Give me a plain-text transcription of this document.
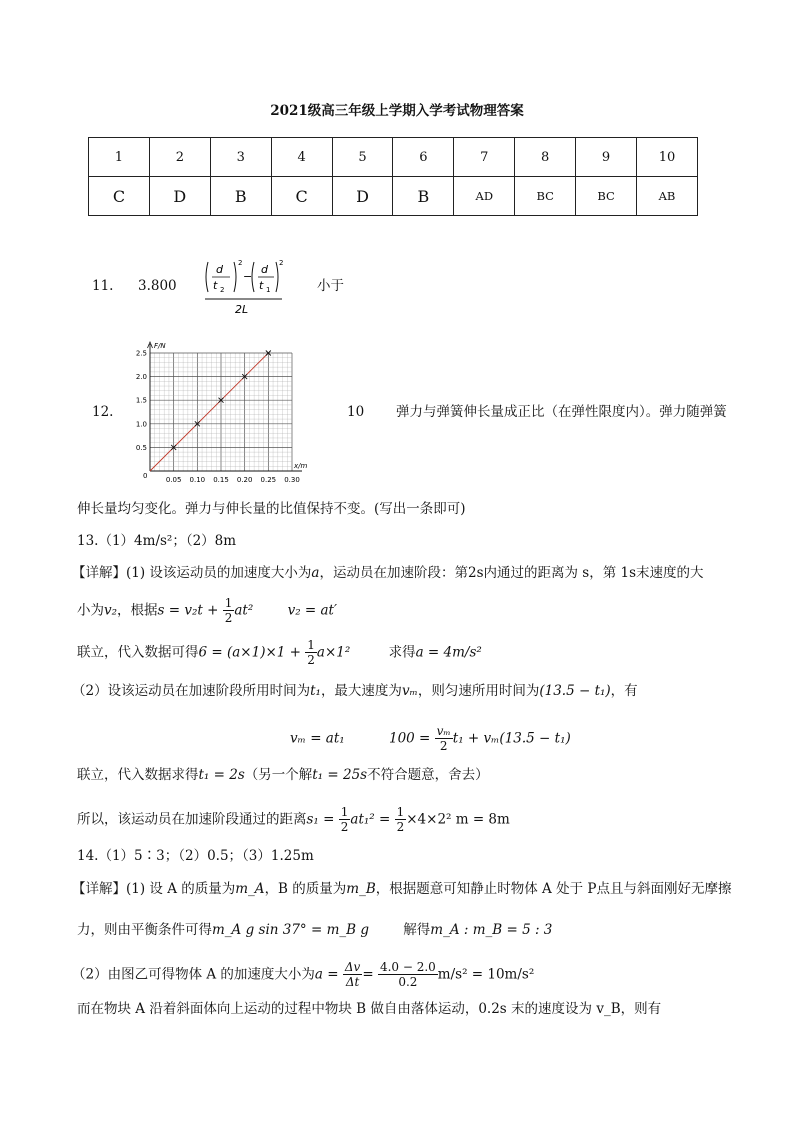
2021级高三年级上学期入学考试物理答案
1	2	3	4	5	6	7	8	9	10
C	D	B	C	D	B	AD	BC	BC	AB
11. 3.800
d
t 2
2
−
d
t 1
2
2L
小于
12.
F/N
x/m
0	0.05 0.10 0.15 0.20 0.25 0.30
0.5
1.0
1.5
2.0
2.5
10 弹力与弹簧伸长量成正比（在弹性限度内）。弹力随弹簧
伸长量均匀变化。弹力与伸长量的比值保持不变。(写出一条即可)
13.（1）4m/s²；（2）8m
【详解】(1) 设该运动员的加速度大小为a，运动员在加速阶段：第2s内通过的距离为 s，第 1s末速度的大
小为v₂，根据$s = v_2t + \frac{1}{2} at^2$	v₂ = at′
联立，代入数据可得$6 = (a\times 1)\times 1 + \frac{1}{2} a\times 1^2$	求得a = 4m/s²
（2）设该运动员在加速阶段所用时间为t₁，最大速度为vₘ，则匀速所用时间为(13.5 − t₁)，有
vₘ = at₁	$100 = \frac{\text{vₘ}}{2} t_1 + v_m(13.5 - t_1)$
联立，代入数据求得t₁ = 2s（另一个解t₁ = 25s不符合题意，舍去）
所以，该运动员在加速阶段通过的距离$s_1 = \frac{1}{2} at_1^2 = \frac{1}{2} \times 4\times 2^2$ m = 8m
14.（1）5∶3；（2）0.5；（3）1.25m
【详解】(1) 设 A 的质量为m_A，B 的质量为m_B，根据题意可知静止时物体 A 处于 P点且与斜面刚好无摩擦
力，则由平衡条件可得m_A g sin 37° = m_B g	解得m_A : m_B = 5 : 3
（2）由图乙可得物体 A 的加速度大小为$a = \frac{\Delta v}{\Delta t} = \frac{4.0 - 2.0}{0.2} m/s^2 = 10m/s^2$
而在物块 A 沿着斜面体向上运动的过程中物块 B 做自由落体运动，0.2s 末的速度设为 v_B，则有
